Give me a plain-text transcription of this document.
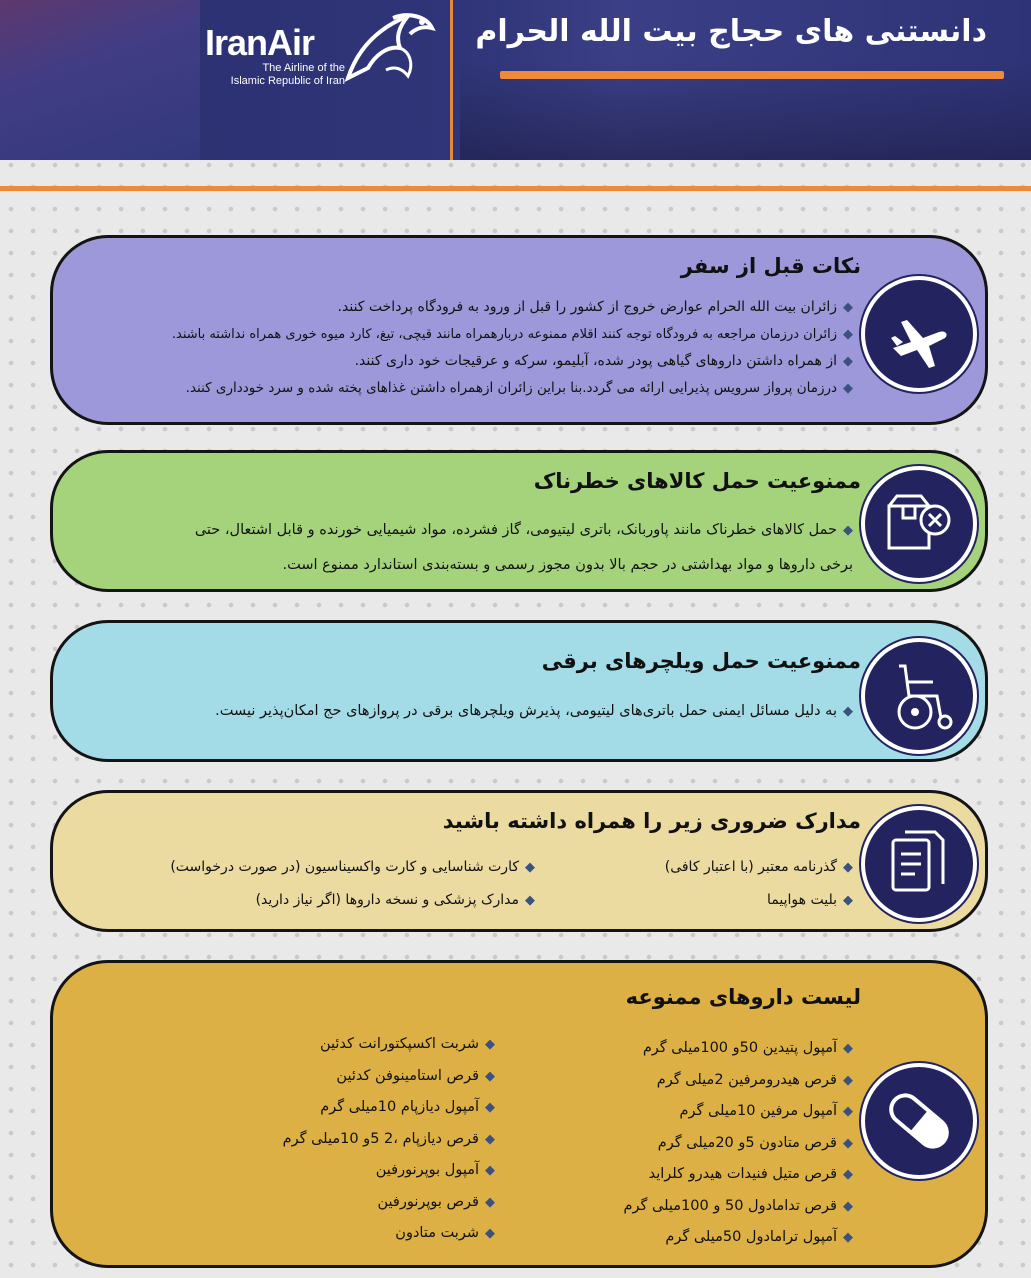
IranAir
The Airline of the
Islamic Republic of Iran
دانستنی های حجاج بیت الله الحرام
نکات قبل از سفر
◆زائران بیت الله الحرام عوارض خروج از کشور را قبل از ورود به فرودگاه پرداخت کنند.
◆زائران درزمان مراجعه به فرودگاه توجه کنند اقلام ممنوعه دربارهمراه مانند قیچی، تیغ، کارد میوه خوری همراه نداشته باشند.
◆از همراه داشتن داروهای گیاهی پودر شده، آبلیمو، سرکه و عرقیجات خود داری کنند.
◆درزمان پرواز سرویس پذیرایی ارائه می گردد.بنا براین زائران ازهمراه داشتن غذاهای پخته شده و سرد خودداری کنند.
ممنوعیت حمل کالاهای خطرناک
◆حمل کالاهای خطرناک مانند پاوربانک، باتری لیتیومی، گاز فشرده، مواد شیمیایی خورنده و قابل اشتعال، حتی
برخی داروها و مواد بهداشتی در حجم بالا بدون مجوز رسمی و بسته‌بندی استاندارد ممنوع است.
ممنوعیت حمل ویلچرهای برقی
◆به دلیل مسائل ایمنی حمل باتری‌های لیتیومی، پذیرش ویلچرهای برقی در پروازهای حج امکان‌پذیر نیست.
مدارک ضروری زیر را همراه داشته باشید
◆گذرنامه معتبر (با اعتبار کافی)
◆بلیت هواپیما
◆کارت شناسایی و کارت واکسیناسیون (در صورت درخواست)
◆مدارک پزشکی و نسخه داروها (اگر نیاز دارید)
لیست داروهای ممنوعه
◆آمپول پتیدین 50و 100میلی گرم
◆قرص هیدرومرفین 2میلی گرم
◆آمپول مرفین 10میلی گرم
◆قرص متادون 5و 20میلی گرم
◆قرص متیل فنیدات هیدرو کلراید
◆قرص تدامادول 50 و 100میلی گرم
◆آمپول ترامادول 50میلی گرم
◆شربت اکسپکتورانت کدئین
◆قرص استامینوفن کدئین
◆آمپول دیازپام 10میلی گرم
◆قرص دیازپام ،2 5و 10میلی گرم
◆آمپول بوپرنورفین
◆قرص بوپرنورفین
◆شربت متادون
